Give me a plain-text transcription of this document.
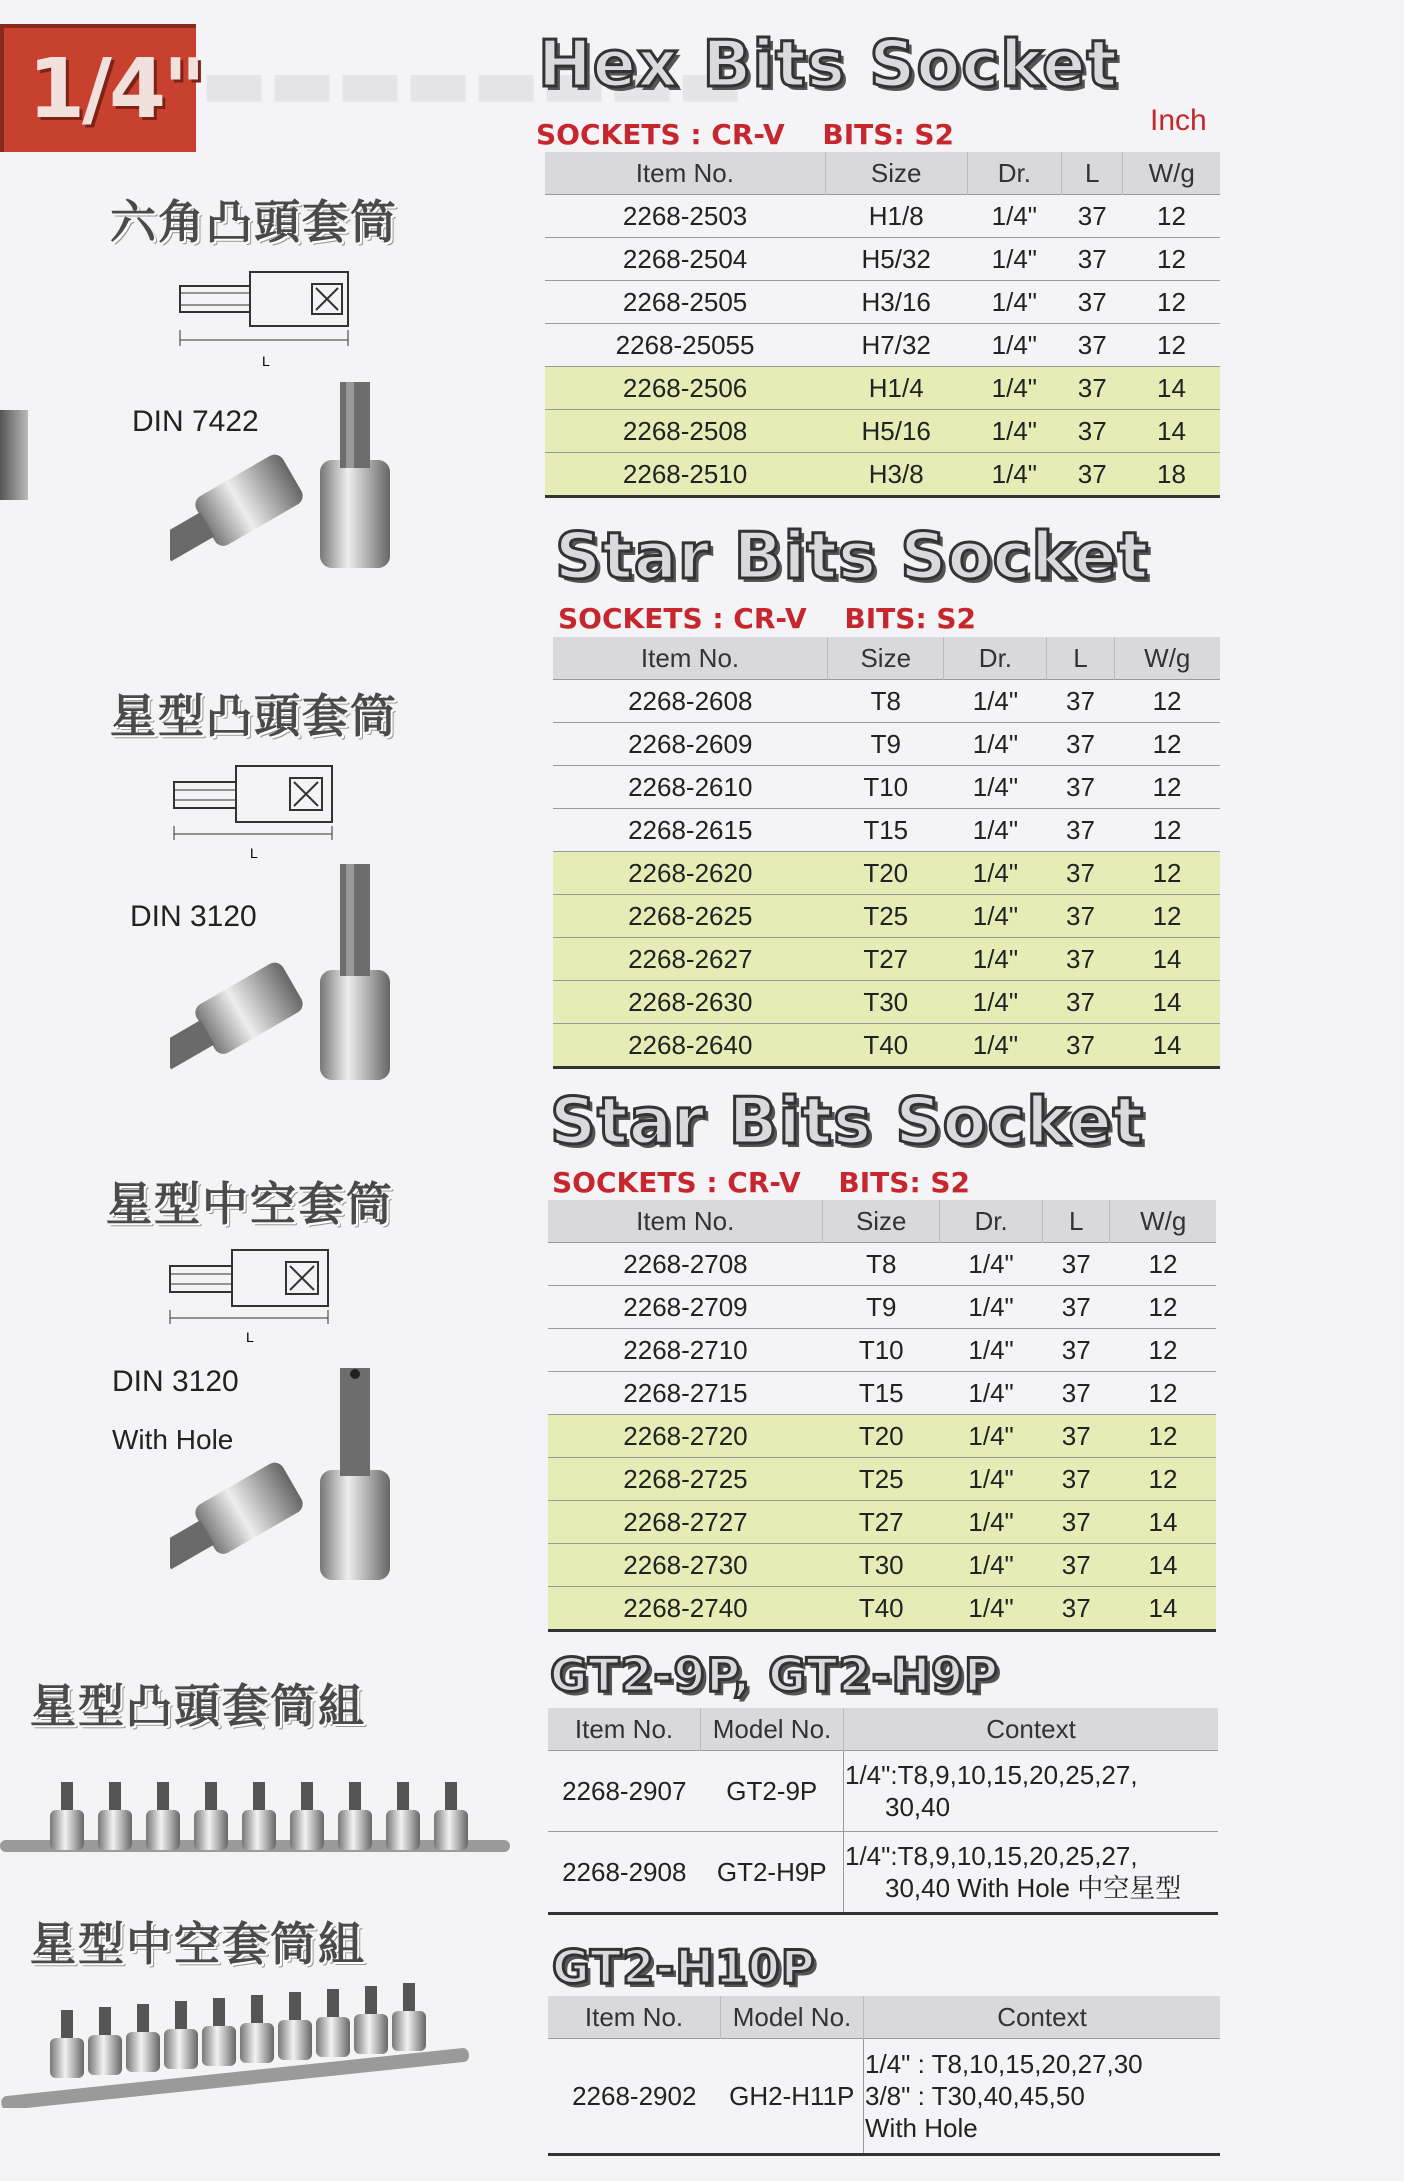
1/4"
▬▬▬▬▬▬▬▬
Hex Bits Socket
Inch
SOCKETS : CR-V BITS: S2
六角凸頭套筒
L
DIN 7422
Item No.	Size	Dr.	L	W/g
2268-2503	H1/8	1/4"	37	12
2268-2504	H5/32	1/4"	37	12
2268-2505	H3/16	1/4"	37	12
2268-25055	H7/32	1/4"	37	12
2268-2506	H1/4	1/4"	37	14
2268-2508	H5/16	1/4"	37	14
2268-2510	H3/8	1/4"	37	18
Star Bits Socket
SOCKETS : CR-V BITS: S2
星型凸頭套筒
L
DIN 3120
Item No.	Size	Dr.	L	W/g
2268-2608	T8	1/4"	37	12
2268-2609	T9	1/4"	37	12
2268-2610	T10	1/4"	37	12
2268-2615	T15	1/4"	37	12
2268-2620	T20	1/4"	37	12
2268-2625	T25	1/4"	37	12
2268-2627	T27	1/4"	37	14
2268-2630	T30	1/4"	37	14
2268-2640	T40	1/4"	37	14
Star Bits Socket
SOCKETS : CR-V BITS: S2
星型中空套筒
L
DIN 3120
With Hole
Item No.	Size	Dr.	L	W/g
2268-2708	T8	1/4"	37	12
2268-2709	T9	1/4"	37	12
2268-2710	T10	1/4"	37	12
2268-2715	T15	1/4"	37	12
2268-2720	T20	1/4"	37	12
2268-2725	T25	1/4"	37	12
2268-2727	T27	1/4"	37	14
2268-2730	T30	1/4"	37	14
2268-2740	T40	1/4"	37	14
GT2-9P, GT2-H9P
星型凸頭套筒組	Item No.	Model No.	Context
2268-2907	GT2-9P	1/4":T8,9,10,15,20,25,27,
30,40

2268-2908	GT2-H9P	1/4":T8,9,10,15,20,25,27,
30,40 With Hole 中空星型
GT2-H10P
星型中空套筒組
Item No.	Model No.	Context
2268-2902	GH2-H11P	1/4" : T8,10,15,20,27,30
3/8" : T30,40,45,50
With Hole
